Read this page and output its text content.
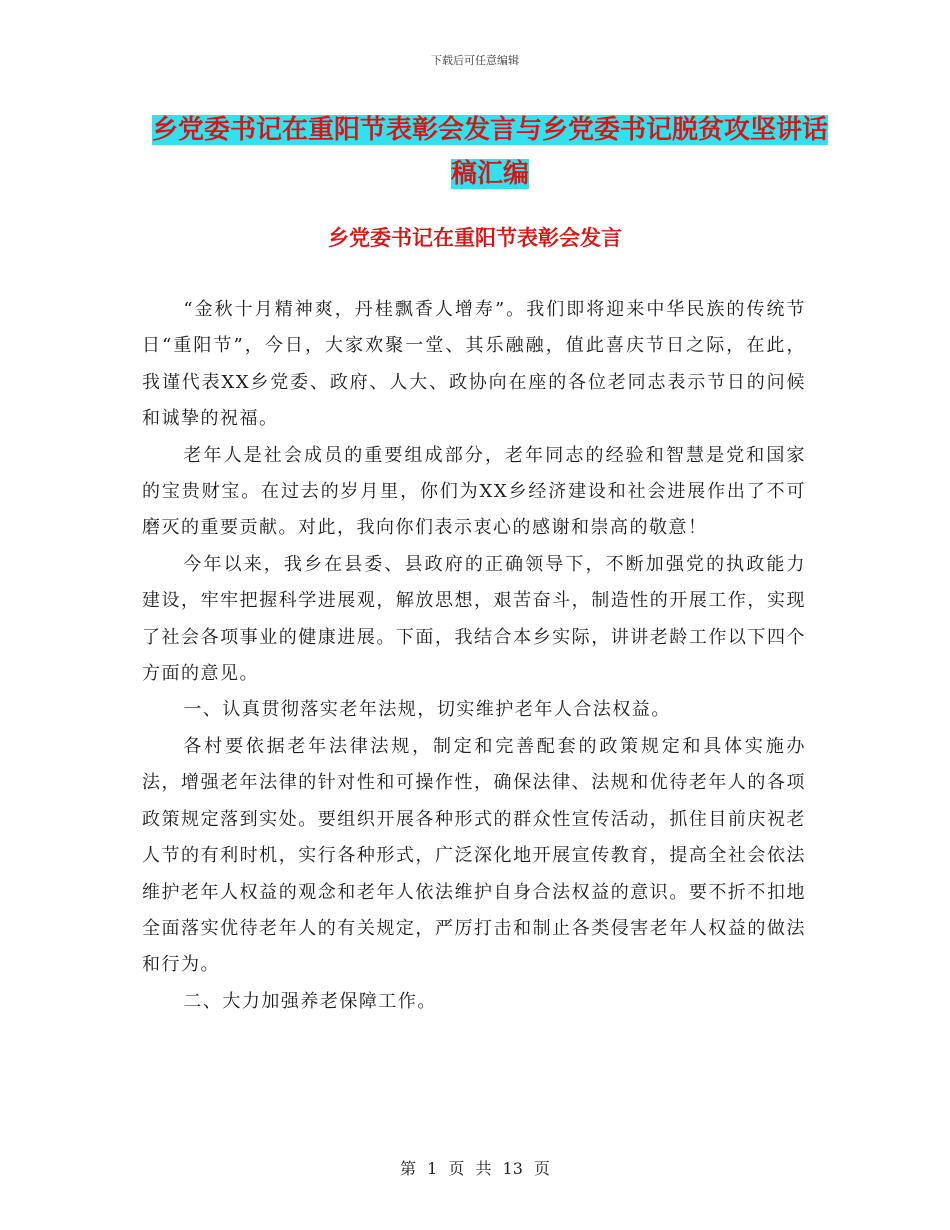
下载后可任意编辑
乡党委书记在重阳节表彰会发言与乡党委书记脱贫攻坚讲话稿汇编
乡党委书记在重阳节表彰会发言

“金秋十月精神爽，丹桂飘香人增寿”。我们即将迎来中华民族的传统节日“重阳节”，今日，大家欢聚一堂、其乐融融，值此喜庆节日之际，在此，我谨代表XX乡党委、政府、人大、政协向在座的各位老同志表示节日的问候和诚挚的祝福。

老年人是社会成员的重要组成部分，老年同志的经验和智慧是党和国家的宝贵财宝。在过去的岁月里，你们为XX乡经济建设和社会进展作出了不可磨灭的重要贡献。对此，我向你们表示衷心的感谢和崇高的敬意！

今年以来，我乡在县委、县政府的正确领导下，不断加强党的执政能力建设，牢牢把握科学进展观，解放思想，艰苦奋斗，制造性的开展工作，实现了社会各项事业的健康进展。下面，我结合本乡实际，讲讲老龄工作以下四个方面的意见。

一、认真贯彻落实老年法规，切实维护老年人合法权益。

各村要依据老年法律法规，制定和完善配套的政策规定和具体实施办法，增强老年法律的针对性和可操作性，确保法律、法规和优待老年人的各项政策规定落到实处。要组织开展各种形式的群众性宣传活动，抓住目前庆祝老人节的有利时机，实行各种形式，广泛深化地开展宣传教育，提高全社会依法维护老年人权益的观念和老年人依法维护自身合法权益的意识。要不折不扣地全面落实优待老年人的有关规定，严厉打击和制止各类侵害老年人权益的做法和行为。

二、大力加强养老保障工作。

第 1 页 共 13 页
